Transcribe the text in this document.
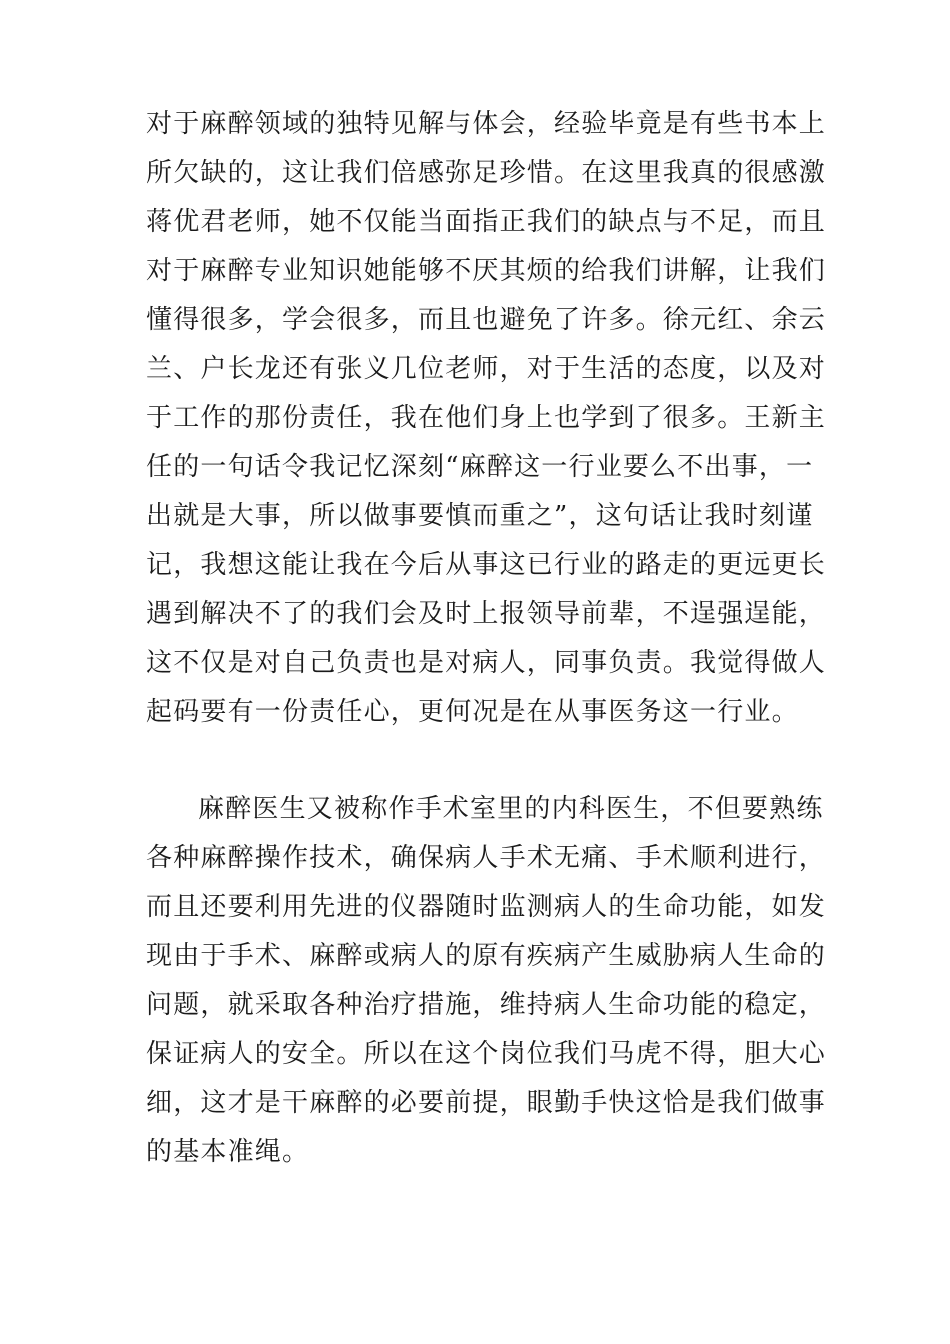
对于麻醉领域的独特见解与体会，经验毕竟是有些书本上
所欠缺的，这让我们倍感弥足珍惜。在这里我真的很感激
蒋优君老师，她不仅能当面指正我们的缺点与不足，而且
对于麻醉专业知识她能够不厌其烦的给我们讲解，让我们
懂得很多，学会很多，而且也避免了许多。徐元红、余云
兰、户长龙还有张义几位老师，对于生活的态度，以及对
于工作的那份责任，我在他们身上也学到了很多。王新主
任的一句话令我记忆深刻“麻醉这一行业要么不出事，一
出就是大事，所以做事要慎而重之”，这句话让我时刻谨
记，我想这能让我在今后从事这已行业的路走的更远更长
遇到解决不了的我们会及时上报领导前辈，不逞强逞能，
这不仅是对自己负责也是对病人，同事负责。我觉得做人
起码要有一份责任心，更何况是在从事医务这一行业。
麻醉医生又被称作手术室里的内科医生，不但要熟练
各种麻醉操作技术，确保病人手术无痛、手术顺利进行，
而且还要利用先进的仪器随时监测病人的生命功能，如发
现由于手术、麻醉或病人的原有疾病产生威胁病人生命的
问题，就采取各种治疗措施，维持病人生命功能的稳定，
保证病人的安全。所以在这个岗位我们马虎不得，胆大心
细，这才是干麻醉的必要前提，眼勤手快这恰是我们做事
的基本准绳。
